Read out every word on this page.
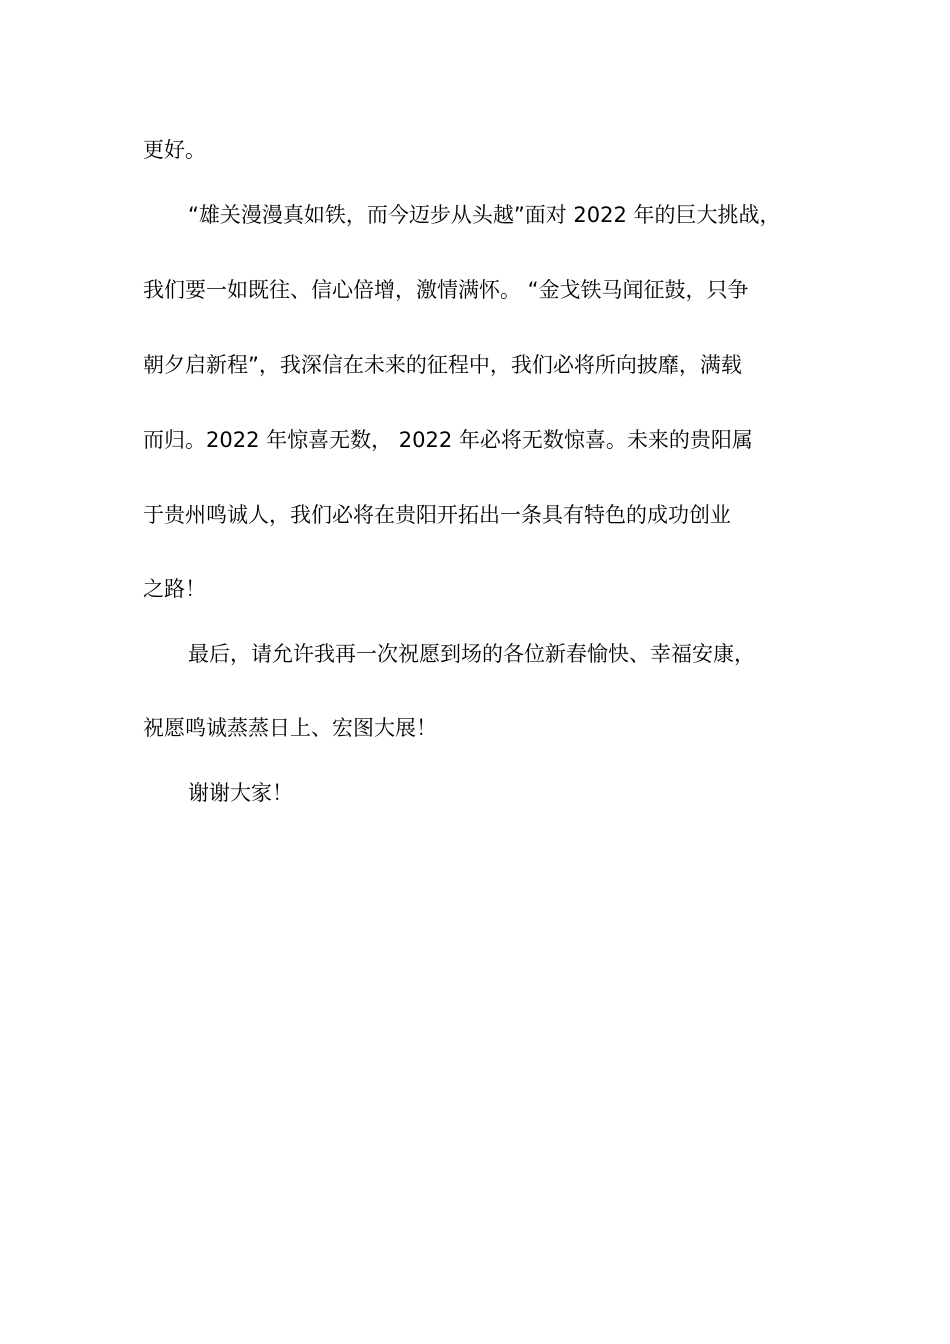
更好。

“雄关漫漫真如铁，而今迈步从头越”面对 2022 年的巨大挑战，

我们要一如既往、信心倍增，激情满怀。 “金戈铁马闻征鼓，只争

朝夕启新程”，我深信在未来的征程中，我们必将所向披靡，满载

而归。2022 年惊喜无数， 2022 年必将无数惊喜。未来的贵阳属

于贵州鸣诚人，我们必将在贵阳开拓出一条具有特色的成功创业

之路！

最后，请允许我再一次祝愿到场的各位新春愉快、幸福安康，

祝愿鸣诚蒸蒸日上、宏图大展！

谢谢大家！
